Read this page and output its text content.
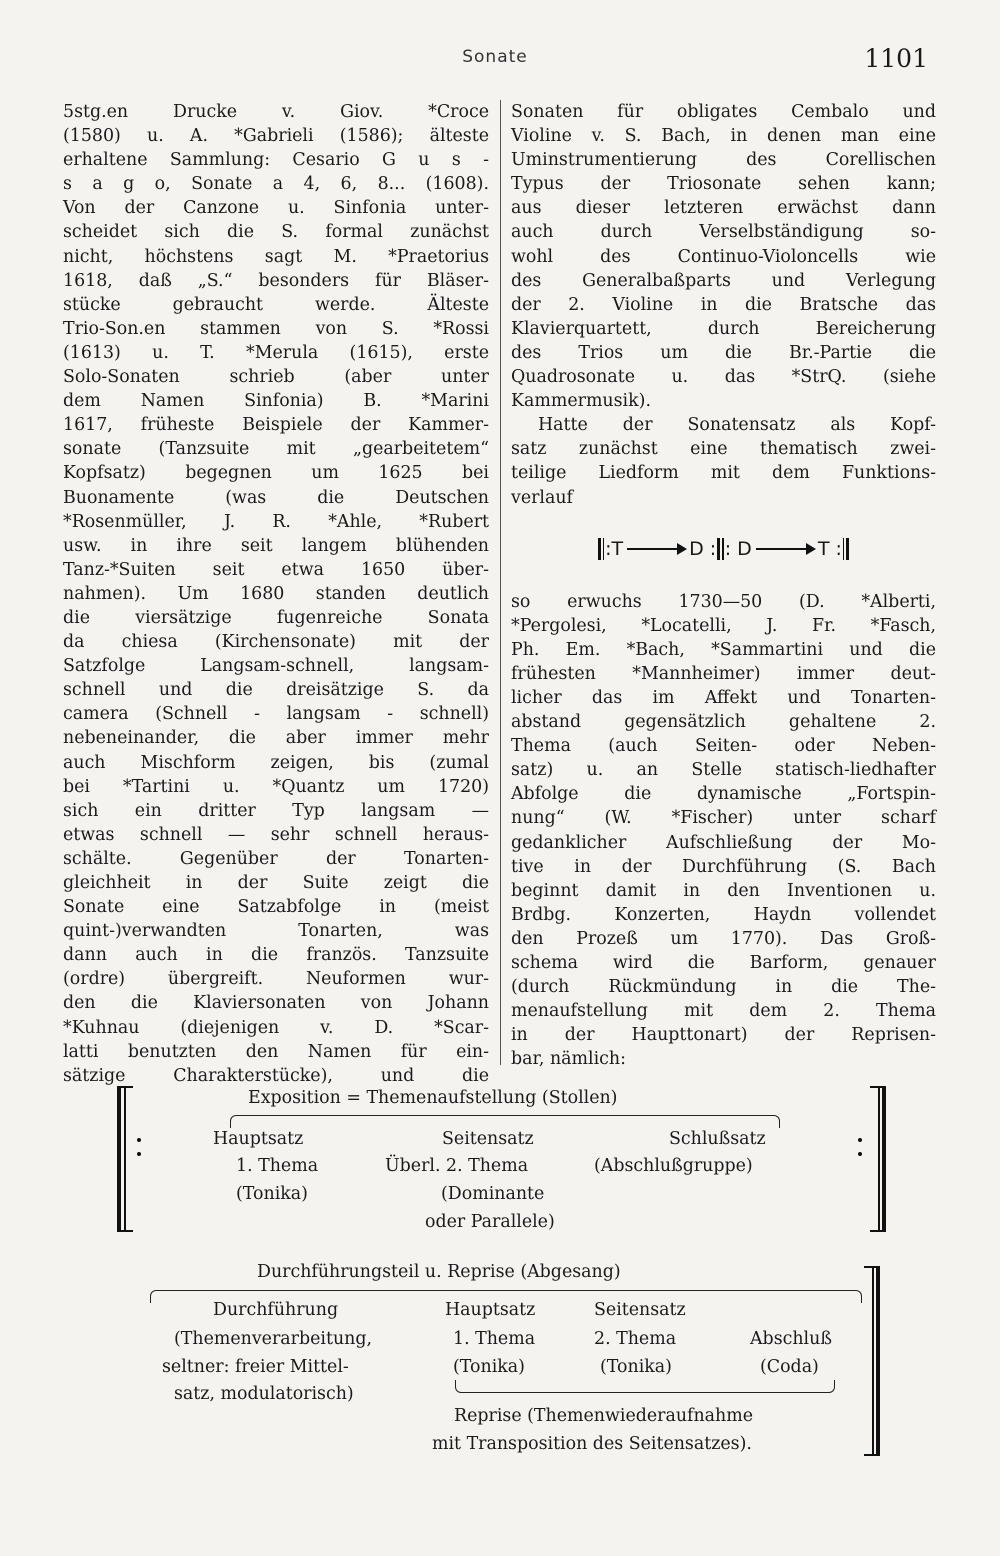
Sonate	1101
5stg.en Drucke v. Giov. *Croce
(1580) u. A. *Gabrieli (1586); älteste
erhaltene Sammlung: Cesario G u s -
s a g o, Sonate a 4, 6, 8... (1608).
Von der Canzone u. Sinfonia unter-
scheidet sich die S. formal zunächst
nicht, höchstens sagt M. *Praetorius
1618, daß „S.“ besonders für Bläser-
stücke gebraucht werde. Älteste
Trio-Son.en stammen von S. *Rossi
(1613) u. T. *Merula (1615), erste
Solo-Sonaten schrieb (aber unter
dem Namen Sinfonia) B. *Marini
1617, früheste Beispiele der Kammer-
sonate (Tanzsuite mit „gearbeitetem“
Kopfsatz) begegnen um 1625 bei
Buonamente (was die Deutschen
*Rosenmüller, J. R. *Ahle, *Rubert
usw. in ihre seit langem blühenden
Tanz-*Suiten seit etwa 1650 über-
nahmen). Um 1680 standen deutlich
die viersätzige fugenreiche Sonata
da chiesa (Kirchensonate) mit der
Satzfolge Langsam-schnell, langsam-
schnell und die dreisätzige S. da
camera (Schnell - langsam - schnell)
nebeneinander, die aber immer mehr
auch Mischform zeigen, bis (zumal
bei *Tartini u. *Quantz um 1720)
sich ein dritter Typ langsam —
etwas schnell — sehr schnell heraus-
schälte. Gegenüber der Tonarten-
gleichheit in der Suite zeigt die
Sonate eine Satzabfolge in (meist
quint-)verwandten Tonarten, was
dann auch in die französ. Tanzsuite
(ordre) übergreift. Neuformen wur-
den die Klaviersonaten von Johann
*Kuhnau (diejenigen v. D. *Scar-
latti benutzten den Namen für ein-
sätzige Charakterstücke), und die
Sonaten für obligates Cembalo und
Violine v. S. Bach, in denen man eine
Uminstrumentierung des Corellischen
Typus der Triosonate sehen kann;
aus dieser letzteren erwächst dann
auch durch Verselbständigung so-
wohl des Continuo-Violoncells wie
des Generalbaßparts und Verlegung
der 2. Violine in die Bratsche das
Klavierquartett, durch Bereicherung
des Trios um die Br.-Partie die
Quadrosonate u. das *StrQ. (siehe
Kammermusik).
Hatte der Sonatensatz als Kopf-
satz zunächst eine thematisch zwei-
teilige Liedform mit dem Funktions-
verlauf
: T	D : : D	T :
so erwuchs 1730—50 (D. *Alberti,
*Pergolesi, *Locatelli, J. Fr. *Fasch,
Ph. Em. *Bach, *Sammartini und die
frühesten *Mannheimer) immer deut-
licher das im Affekt und Tonarten-
abstand gegensätzlich gehaltene 2.
Thema (auch Seiten- oder Neben-
satz) u. an Stelle statisch-liedhafter
Abfolge die dynamische „Fortspin-
nung“ (W. *Fischer) unter scharf
gedanklicher Aufschließung der Mo-
tive in der Durchführung (S. Bach
beginnt damit in den Inventionen u.
Brdbg. Konzerten, Haydn vollendet
den Prozeß um 1770). Das Groß-
schema wird die Barform, genauer
(durch Rückmündung in die The-
menaufstellung mit dem 2. Thema
in der Haupttonart) der Reprisen-
bar, nämlich:
Exposition = Themenaufstellung (Stollen)
Hauptsatz
1. Thema
(Tonika)
Seitensatz
Überl. 2. Thema
(Dominante
oder Parallele)
Schlußsatz
(Abschlußgruppe)
Durchführungsteil u. Reprise (Abgesang)
Durchführung
(Themenverarbeitung,
seltner: freier Mittel-
satz, modulatorisch)
Hauptsatz
1. Thema
(Tonika)
Seitensatz
2. Thema
(Tonika)
Abschluß
(Coda)
Reprise (Themenwiederaufnahme
mit Transposition des Seitensatzes).
